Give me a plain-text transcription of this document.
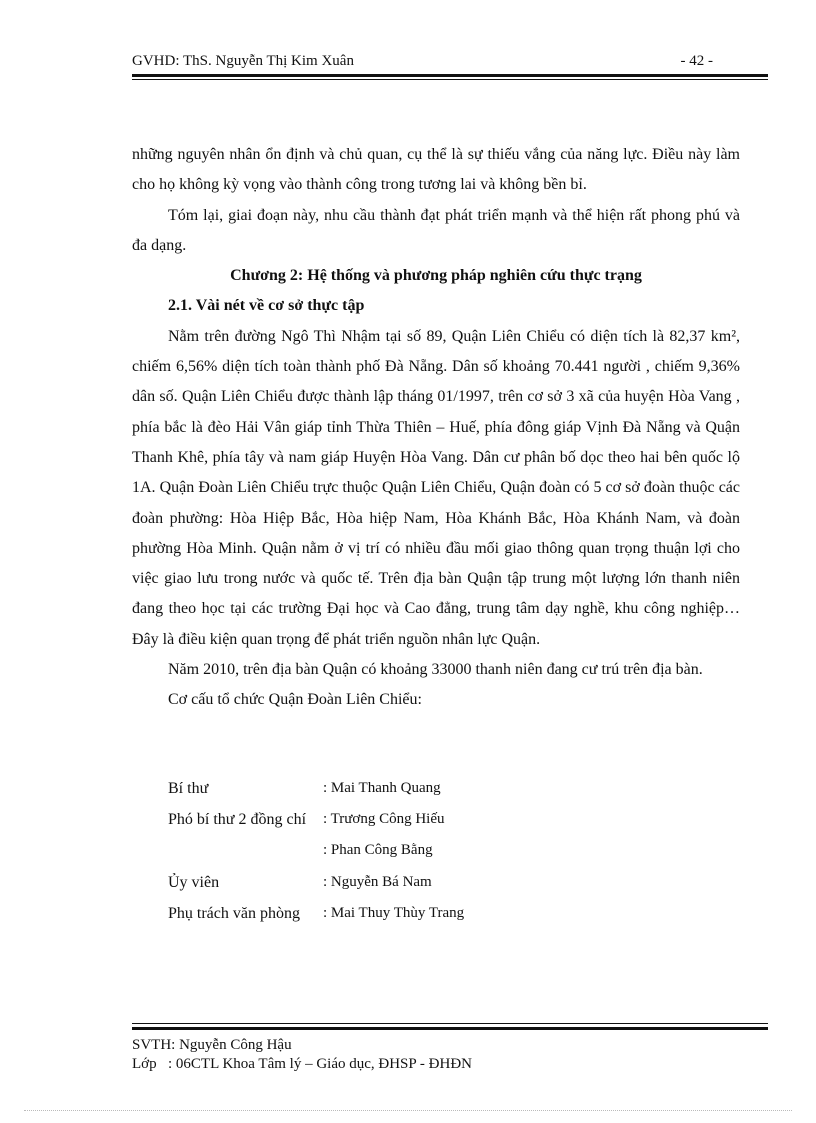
GVHD: ThS. Nguyễn Thị Kim Xuân	- 42 -

những nguyên nhân ổn định và chủ quan, cụ thể là sự thiếu vắng của năng lực. Điều này làm cho họ không kỳ vọng vào thành công trong tương lai và không bền bỉ.

Tóm lại, giai đoạn này, nhu cầu thành đạt phát triển mạnh và thể hiện rất phong phú và đa dạng.

Chương 2: Hệ thống và phương pháp nghiên cứu thực trạng

2.1. Vài nét về cơ sở thực tập

Nằm trên đường Ngô Thì Nhậm tại số 89, Quận Liên Chiểu có diện tích là 82,37 km², chiếm 6,56% diện tích toàn thành phố Đà Nẵng. Dân số khoảng 70.441 người , chiếm 9,36% dân số. Quận Liên Chiểu được thành lập tháng 01/1997, trên cơ sở 3 xã của huyện Hòa Vang , phía bắc là đèo Hải Vân giáp tỉnh Thừa Thiên – Huế, phía đông giáp Vịnh Đà Nẵng và Quận Thanh Khê, phía tây và nam giáp Huyện Hòa Vang. Dân cư phân bố dọc theo hai bên quốc lộ 1A. Quận Đoàn Liên Chiểu trực thuộc Quận Liên Chiểu, Quận đoàn có 5 cơ sở đoàn thuộc các đoàn phường: Hòa Hiệp Bắc, Hòa hiệp Nam, Hòa Khánh Bắc, Hòa Khánh Nam, và đoàn phường Hòa Minh. Quận nằm ở vị trí có nhiều đầu mối giao thông quan trọng thuận lợi cho việc giao lưu trong nước và quốc tế. Trên địa bàn Quận tập trung một lượng lớn thanh niên đang theo học tại các trường Đại học và Cao đẳng, trung tâm dạy nghề, khu công nghiệp…Đây là điều kiện quan trọng để phát triển nguồn nhân lực Quận.

Năm 2010, trên địa bàn Quận có khoảng 33000 thanh niên đang cư trú trên địa bàn.

Cơ cấu tổ chức Quận Đoàn Liên Chiểu:

Bí thư	: Mai Thanh Quang
Phó bí thư 2 đồng chí : Trương Công Hiếu
: Phan Công Bằng
Ủy viên	: Nguyễn Bá Nam
Phụ trách văn phòng : Mai Thuy Thùy Trang
SVTH: Nguyễn Công Hậu
Lớp : 06CTL Khoa Tâm lý – Giáo dục, ĐHSP - ĐHĐN
